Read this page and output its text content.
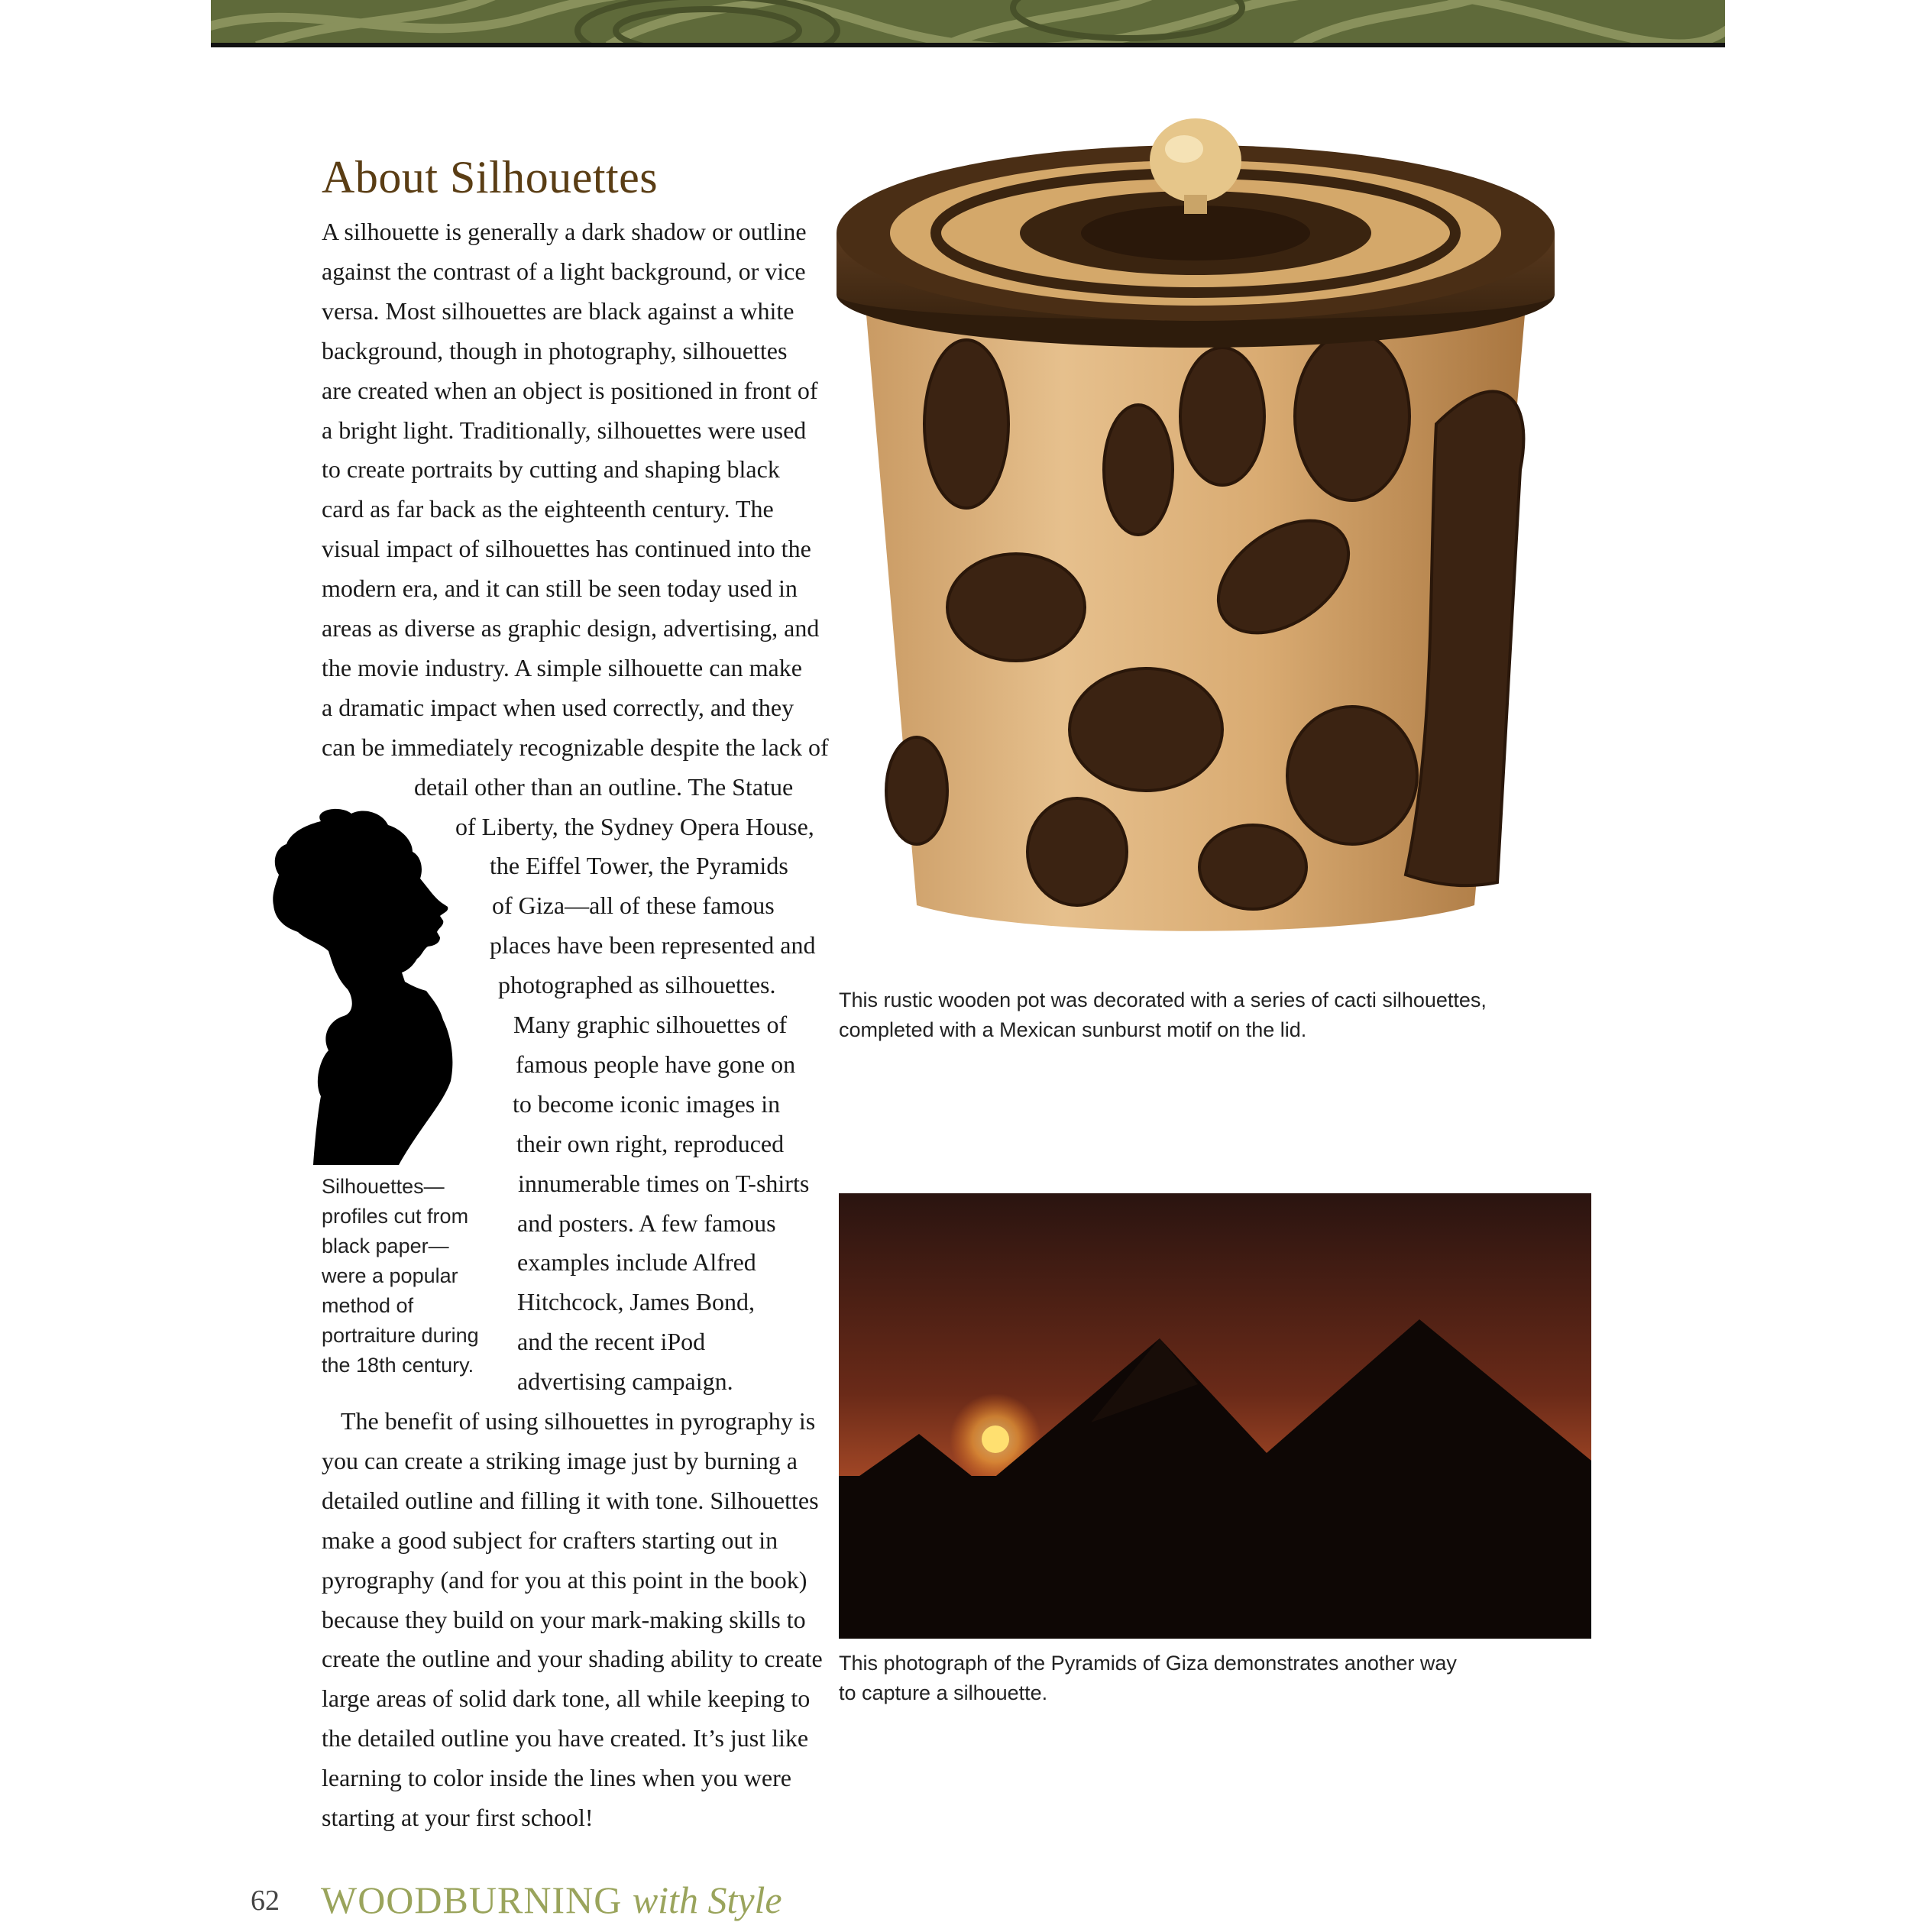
About Silhouettes
A silhouette is generally a dark shadow or outline
against the contrast of a light background, or vice
versa. Most silhouettes are black against a white
background, though in photography, silhouettes
are created when an object is positioned in front of
a bright light. Traditionally, silhouettes were used
to create portraits by cutting and shaping black
card as far back as the eighteenth century. The
visual impact of silhouettes has continued into the
modern era, and it can still be seen today used in
areas as diverse as graphic design, advertising, and
the movie industry. A simple silhouette can make
a dramatic impact when used correctly, and they
can be immediately recognizable despite the lack of
detail other than an outline. The Statue
of Liberty, the Sydney Opera House,
the Eiffel Tower, the Pyramids
of Giza—all of these famous
places have been represented and
photographed as silhouettes.
Many graphic silhouettes of
famous people have gone on
to become iconic images in
their own right, reproduced
innumerable times on T-shirts
and posters. A few famous
examples include Alfred
Hitchcock, James Bond,
and the recent iPod
advertising campaign.
The benefit of using silhouettes in pyrography is
you can create a striking image just by burning a
detailed outline and filling it with tone. Silhouettes
make a good subject for crafters starting out in
pyrography (and for you at this point in the book)
because they build on your mark-making skills to
create the outline and your shading ability to create
large areas of solid dark tone, all while keeping to
the detailed outline you have created. It’s just like
learning to color inside the lines when you were
starting at your first school!
Silhouettes—
profiles cut from
black paper—
were a popular
method of
portraiture during
the 18th century.
This rustic wooden pot was decorated with a series of cacti silhouettes,
completed with a Mexican sunburst motif on the lid.
This photograph of the Pyramids of Giza demonstrates another way
to capture a silhouette.
62 WOODBURNING with Style
